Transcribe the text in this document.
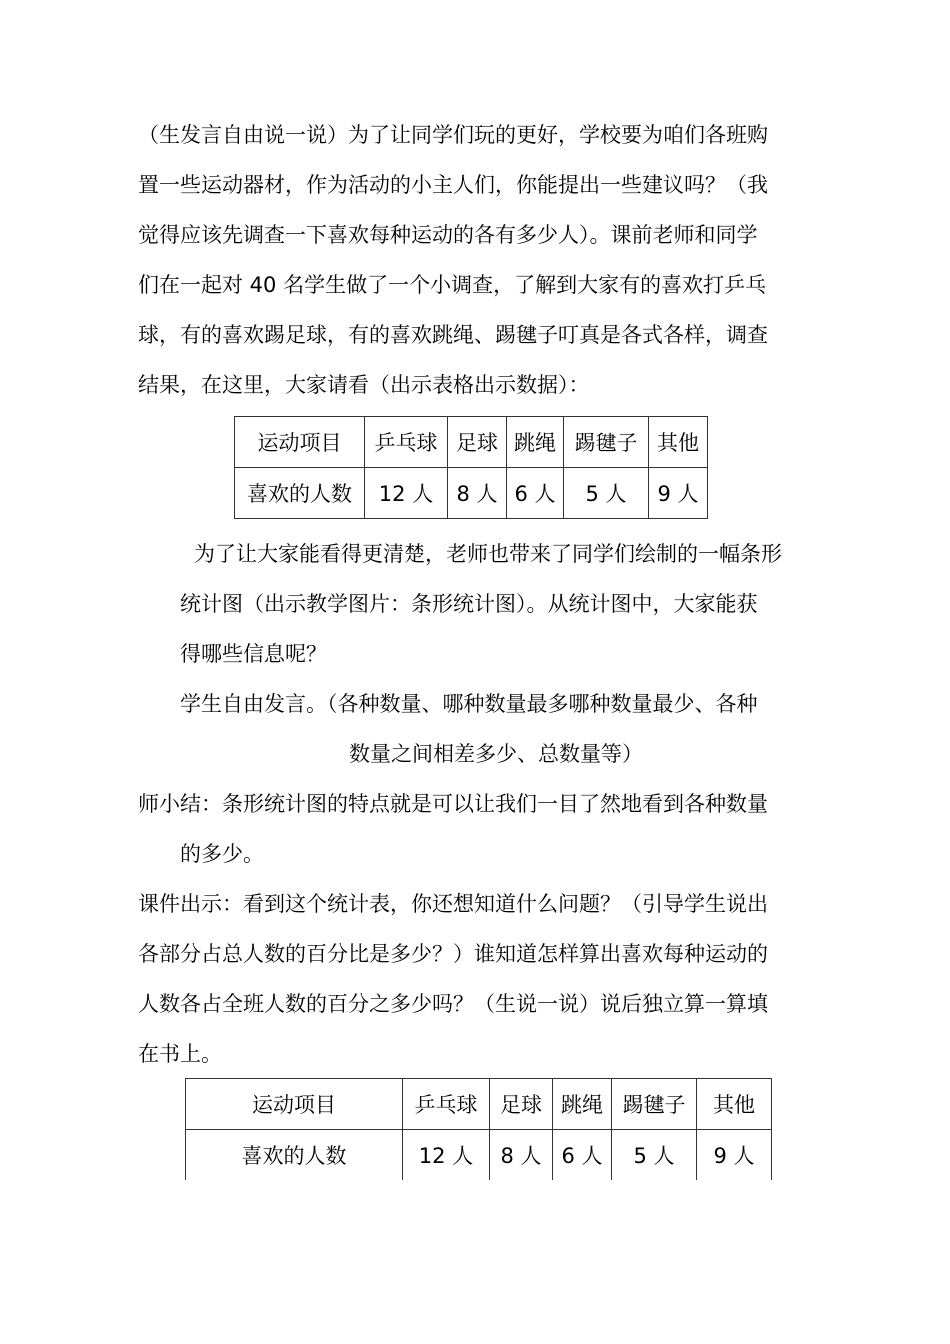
（生发言自由说一说）为了让同学们玩的更好，学校要为咱们各班购
置一些运动器材，作为活动的小主人们，你能提出一些建议吗？（我
觉得应该先调查一下喜欢每种运动的各有多少人）。课前老师和同学
们在一起对 40 名学生做了一个小调查，了解到大家有的喜欢打乒乓
球，有的喜欢踢足球，有的喜欢跳绳、踢毽子叮真是各式各样，调查
结果，在这里，大家请看（出示表格出示数据）：
运动项目	乒乓球	足球	跳绳	踢毽子	其他
喜欢的人数	12 人	8 人	6 人	5 人	9 人
为了让大家能看得更清楚，老师也带来了同学们绘制的一幅条形
统计图（出示教学图片：条形统计图）。从统计图中，大家能获
得哪些信息呢？
学生自由发言。（各种数量、哪种数量最多哪种数量最少、各种
数量之间相差多少、总数量等）
师小结：条形统计图的特点就是可以让我们一目了然地看到各种数量
的多少。
课件出示：看到这个统计表，你还想知道什么问题？（引导学生说出
各部分占总人数的百分比是多少？）谁知道怎样算出喜欢每种运动的
人数各占全班人数的百分之多少吗？（生说一说）说后独立算一算填
在书上。
运动项目	乒乓球	足球	跳绳	踢毽子	其他
喜欢的人数	12 人	8 人	6 人	5 人	9 人
